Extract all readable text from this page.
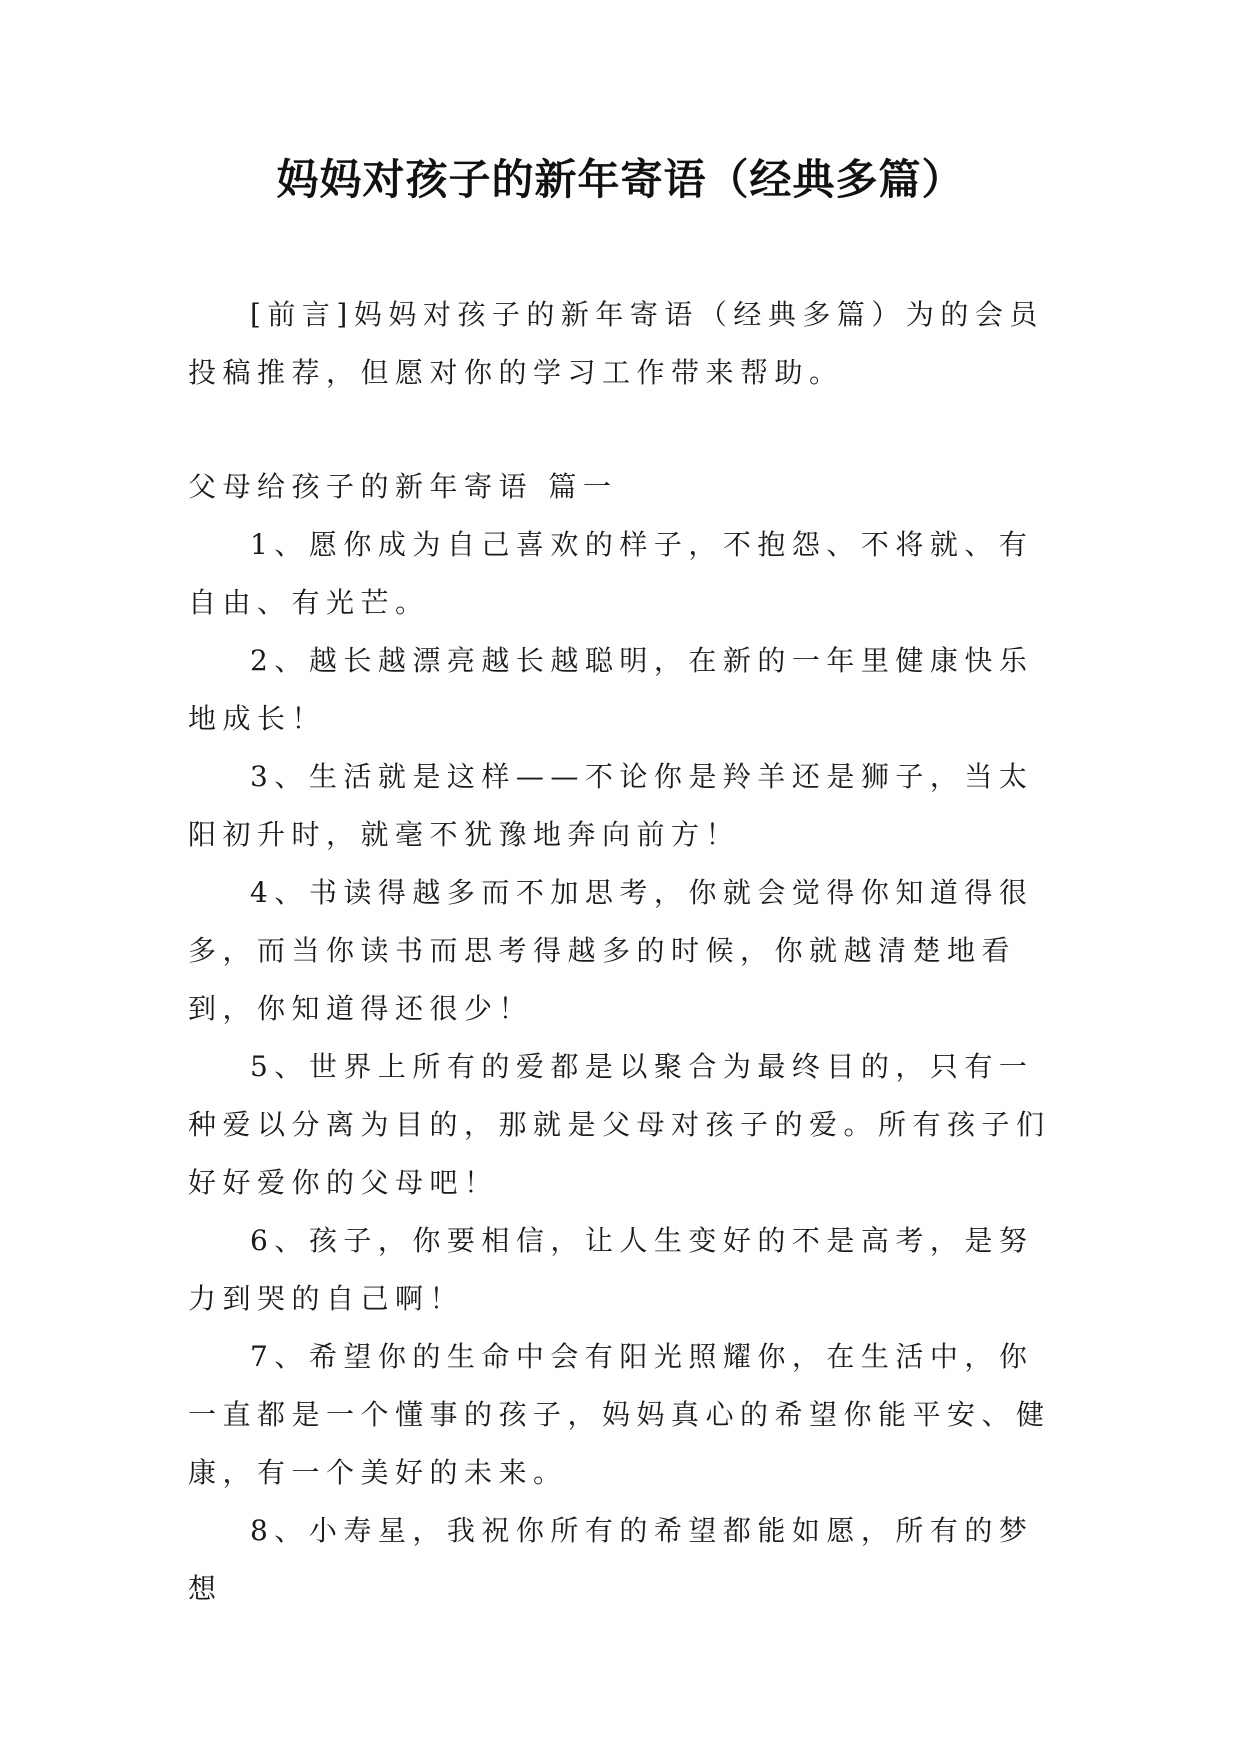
妈妈对孩子的新年寄语（经典多篇）

[前言]妈妈对孩子的新年寄语（经典多篇）为的会员投稿推荐，但愿对你的学习工作带来帮助。

父母给孩子的新年寄语 篇一

1、愿你成为自己喜欢的样子，不抱怨、不将就、有自由、有光芒。

2、越长越漂亮越长越聪明，在新的一年里健康快乐地成长！

3、生活就是这样——不论你是羚羊还是狮子，当太阳初升时，就毫不犹豫地奔向前方！

4、书读得越多而不加思考，你就会觉得你知道得很多，而当你读书而思考得越多的时候，你就越清楚地看到，你知道得还很少！

5、世界上所有的爱都是以聚合为最终目的，只有一种爱以分离为目的，那就是父母对孩子的爱。所有孩子们好好爱你的父母吧！

6、孩子，你要相信，让人生变好的不是高考，是努力到哭的自己啊！

7、希望你的生命中会有阳光照耀你，在生活中，你一直都是一个懂事的孩子，妈妈真心的希望你能平安、健康，有一个美好的未来。

8、小寿星，我祝你所有的希望都能如愿，所有的梦想
